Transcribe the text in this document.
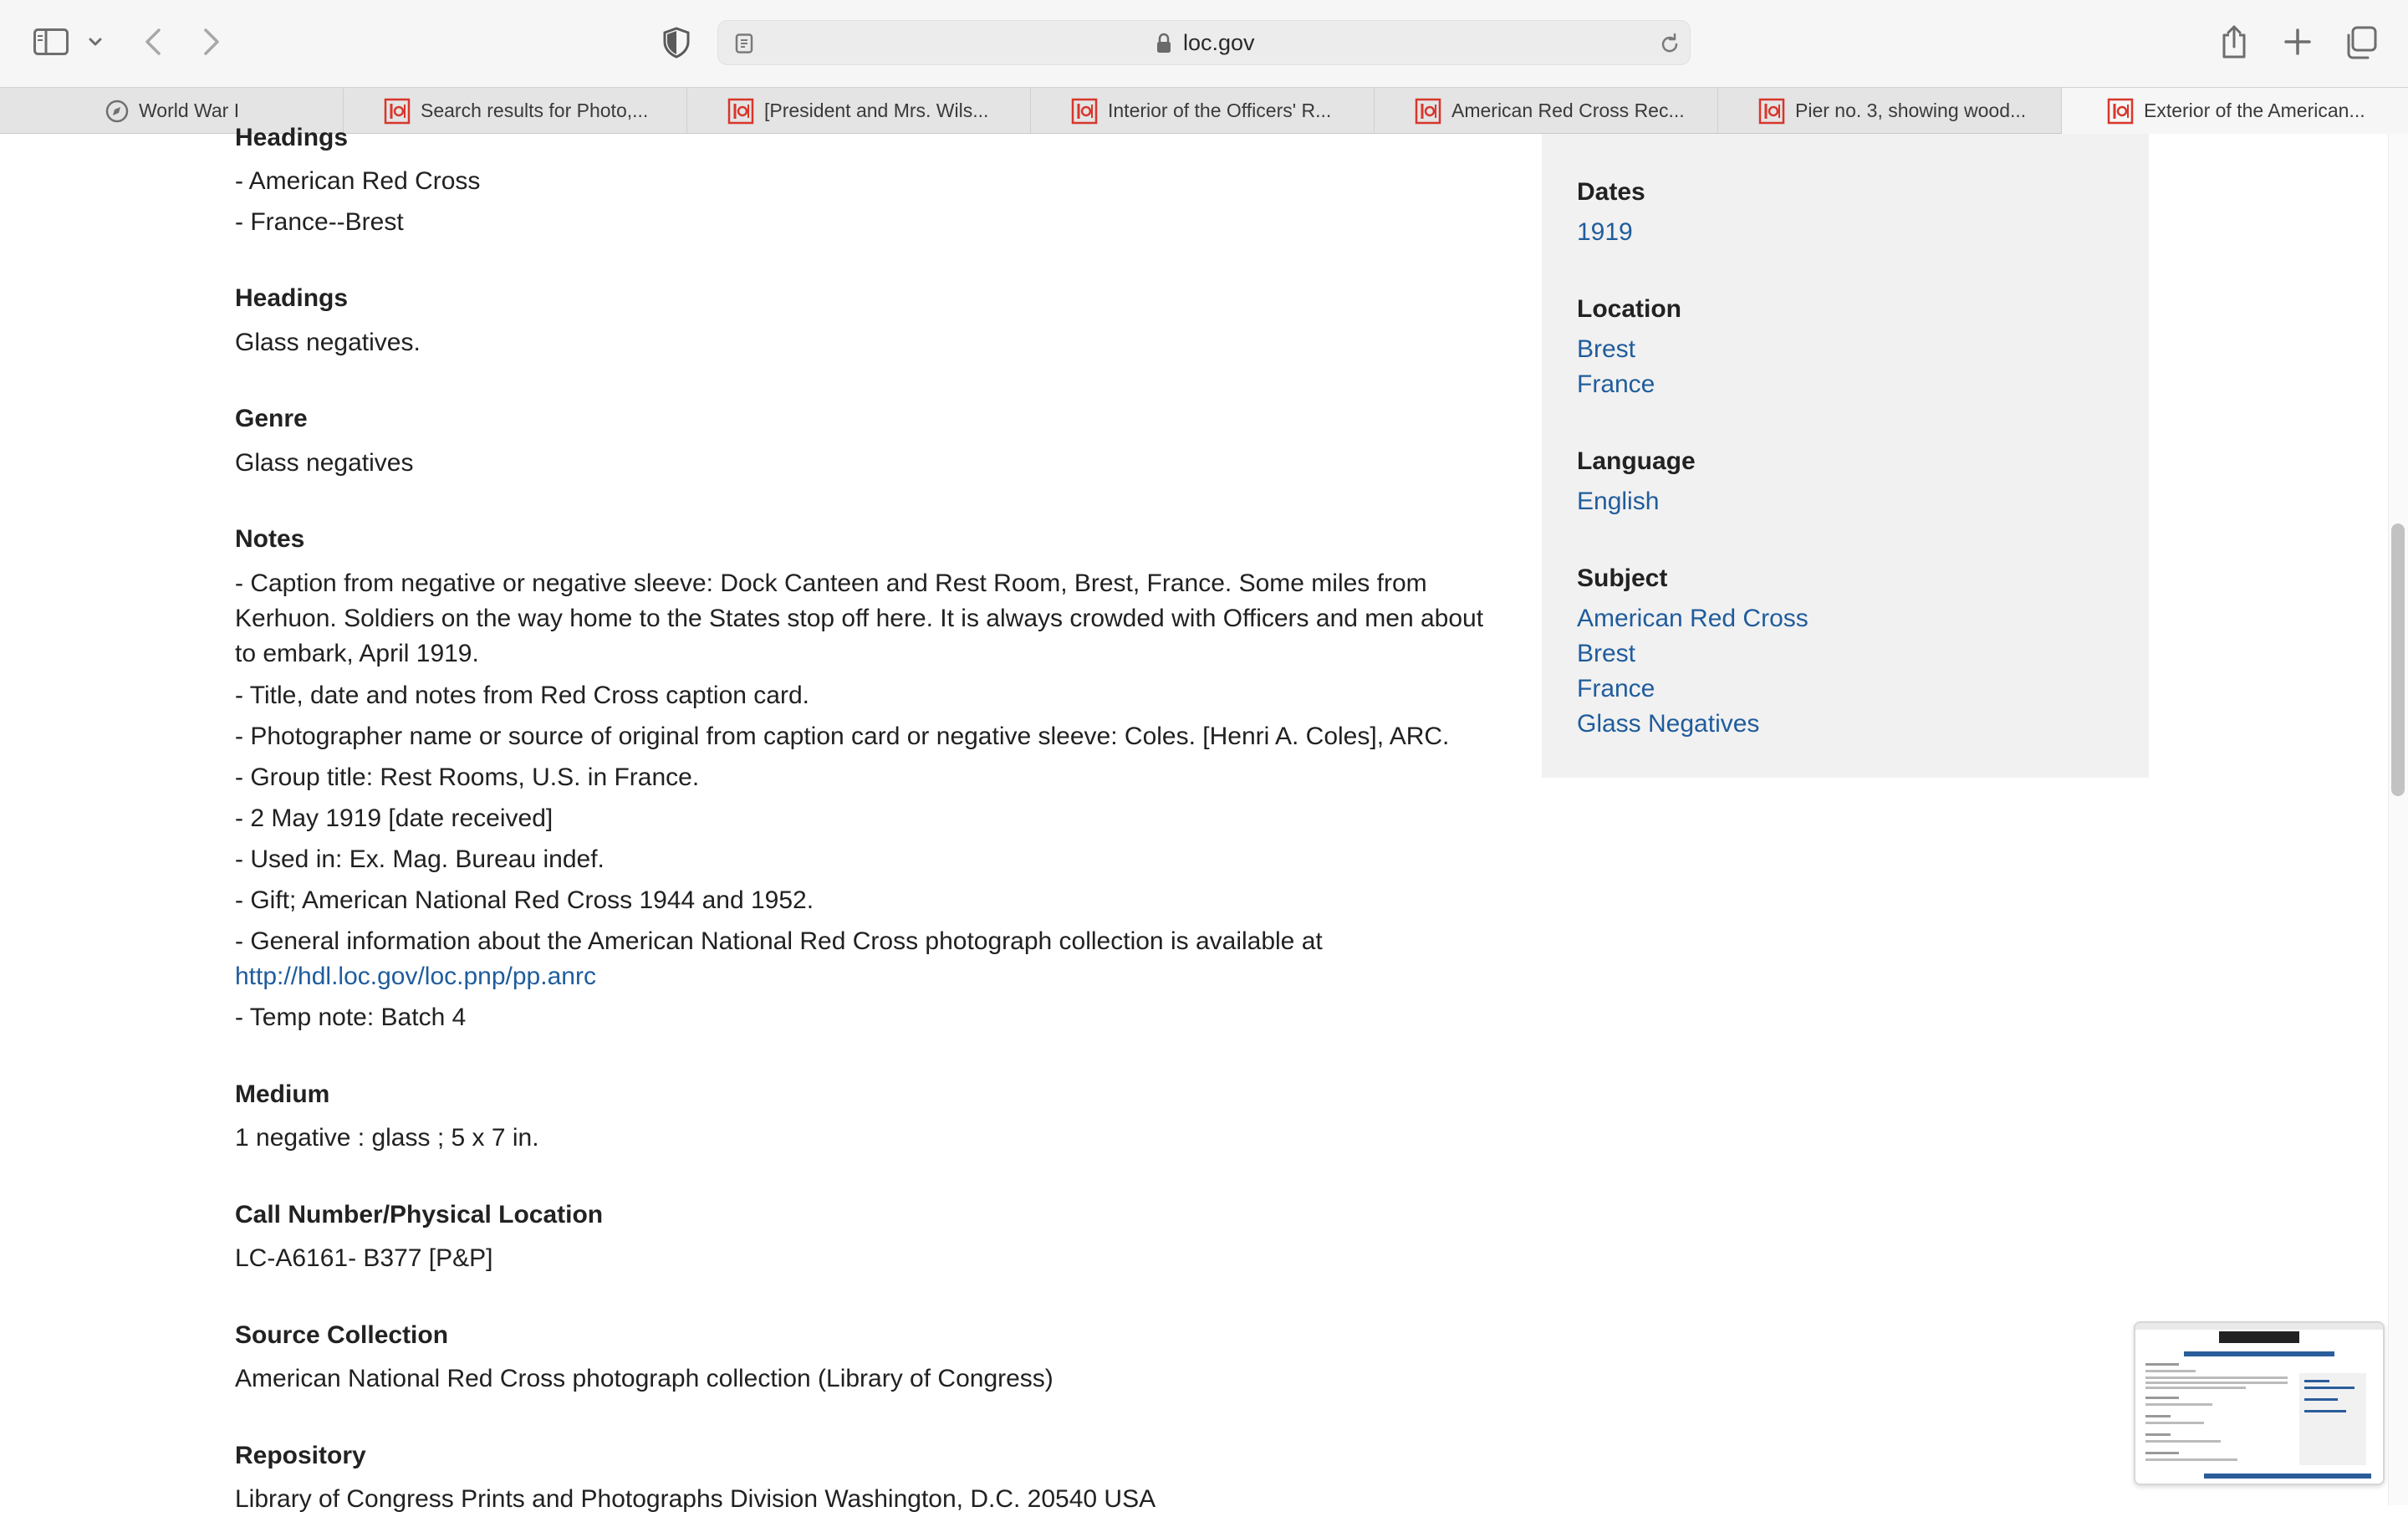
loc.gov
World War I	Search results for Photo,...	[President and Mrs. Wils...	Interior of the Officers' R...	American Red Cross Rec...	Pier no. 3, showing wood...	Exterior of the American...
Headings
- American Red Cross
- France--Brest
Headings
Glass negatives.
Genre
Glass negatives
Notes
- Caption from negative or negative sleeve: Dock Canteen and Rest Room, Brest, France. Some miles from Kerhuon. Soldiers on the way home to the States stop off here. It is always crowded with Officers and men about to embark, April 1919.
- Title, date and notes from Red Cross caption card.
- Photographer name or source of original from caption card or negative sleeve: Coles. [Henri A. Coles], ARC.
- Group title: Rest Rooms, U.S. in France.
- 2 May 1919 [date received]
- Used in: Ex. Mag. Bureau indef.
- Gift; American National Red Cross 1944 and 1952.
- General information about the American National Red Cross photograph collection is available at
http://hdl.loc.gov/loc.pnp/pp.anrc
- Temp note: Batch 4
Medium
1 negative : glass ; 5 x 7 in.
Call Number/Physical Location
LC-A6161- B377 [P&P]
Source Collection
American National Red Cross photograph collection (Library of Congress)
Repository
Library of Congress Prints and Photographs Division Washington, D.C. 20540 USA
Dates
1919
Location
Brest
France
Language
English
Subject
American Red Cross
Brest
France
Glass Negatives
